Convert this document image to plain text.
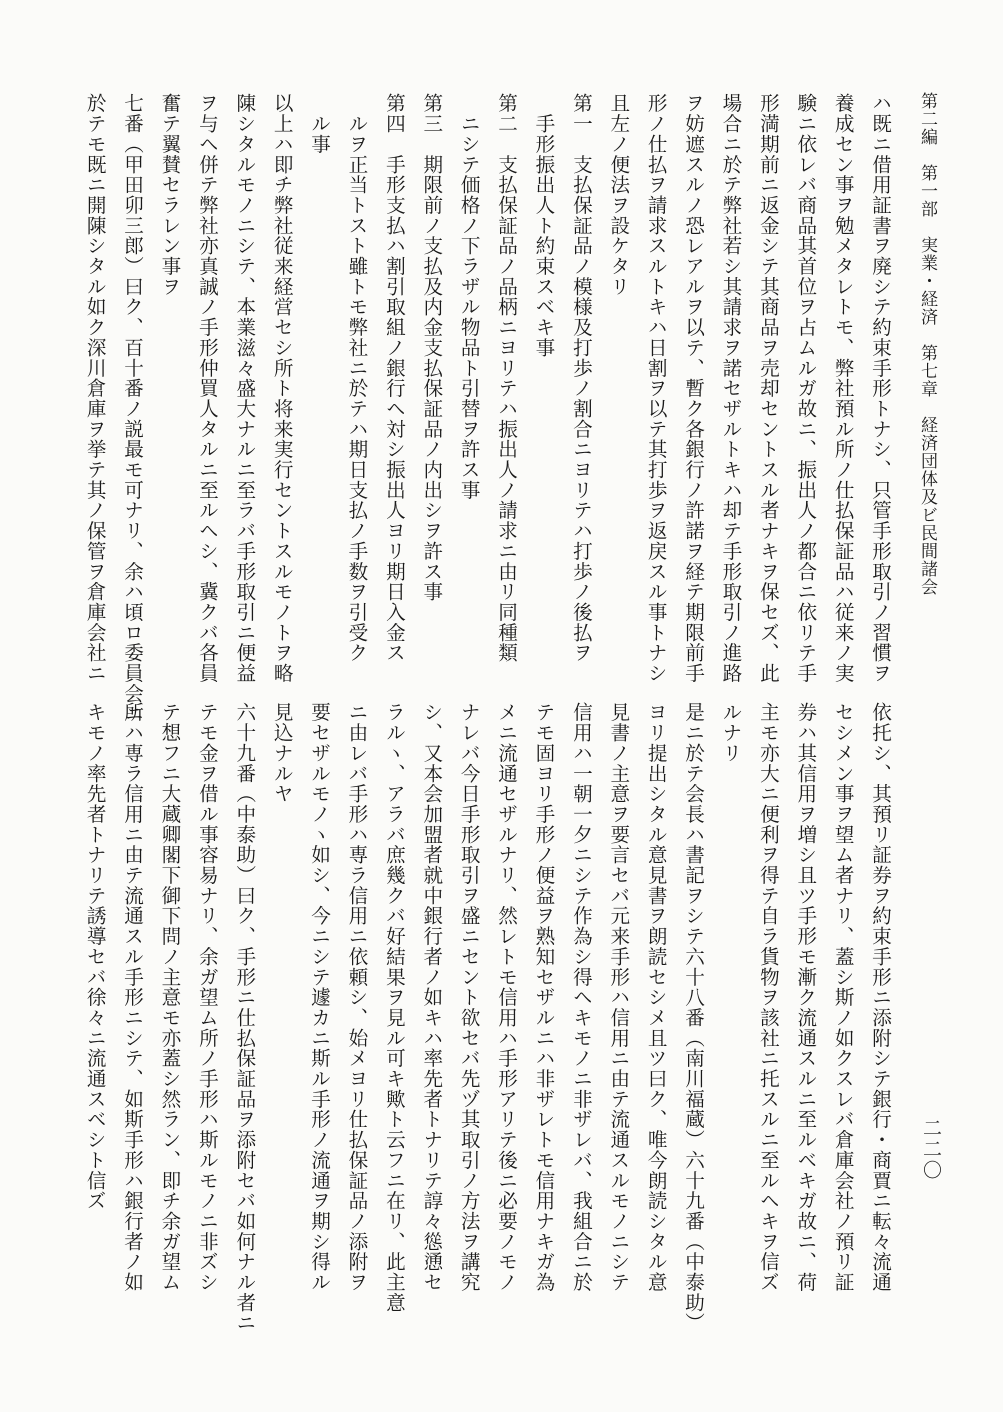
第二編　第一部　実業・経済　第七章　経済団体及ビ民間諸会
二二〇
ハ既ニ借用証書ヲ廃シテ約束手形トナシ、只管手形取引ノ習慣ヲ
養成セン事ヲ勉メタレトモ、弊社預ル所ノ仕払保証品ハ従来ノ実
験ニ依レバ商品其首位ヲ占ムルガ故ニ、振出人ノ都合ニ依リテ手
形満期前ニ返金シテ其商品ヲ売却セントスル者ナキヲ保セズ、此
場合ニ於テ弊社若シ其請求ヲ諾セザルトキハ却テ手形取引ノ進路
ヲ妨遮スルノ恐レアルヲ以テ、暫ク各銀行ノ許諾ヲ経テ期限前手
形ノ仕払ヲ請求スルトキハ日割ヲ以テ其打歩ヲ返戻スル事トナシ
且左ノ便法ヲ設ケタリ
第一　支払保証品ノ模様及打歩ノ割合ニヨリテハ打歩ノ後払ヲ
　手形振出人ト約束スベキ事
第二　支払保証品ノ品柄ニヨリテハ振出人ノ請求ニ由リ同種類
　ニシテ価格ノ下ラザル物品ト引替ヲ許ス事
第三　期限前ノ支払及内金支払保証品ノ内出シヲ許ス事
第四　手形支払ハ割引取組ノ銀行ヘ対シ振出人ヨリ期日入金ス
　ルヲ正当トスト雖トモ弊社ニ於テハ期日支払ノ手数ヲ引受ク
　ル事
以上ハ即チ弊社従来経営セシ所ト将来実行セントスルモノトヲ略
陳シタルモノニシテ、本業滋々盛大ナルニ至ラバ手形取引ニ便益
ヲ与ヘ併テ弊社亦真誠ノ手形仲買人タルニ至ルヘシ、冀クバ各員
奮テ翼賛セラレン事ヲ
七番（甲田卯三郎）曰ク、百十番ノ説最モ可ナリ、余ハ頃ロ委員会ニ
於テモ既ニ開陳シタル如ク深川倉庫ヲ挙テ其ノ保管ヲ倉庫会社ニ
依托シ、其預リ証券ヲ約束手形ニ添附シテ銀行・商賈ニ転々流通
セシメン事ヲ望ム者ナリ、蓋シ斯ノ如クスレバ倉庫会社ノ預リ証
券ハ其信用ヲ増シ且ツ手形モ漸ク流通スルニ至ルベキガ故ニ、荷
主モ亦大ニ便利ヲ得テ自ラ貨物ヲ該社ニ托スルニ至ルヘキヲ信ズ
ルナリ
是ニ於テ会長ハ書記ヲシテ六十八番（南川福蔵）六十九番（中泰助）
ヨリ提出シタル意見書ヲ朗読セシメ且ツ曰ク、唯今朗読シタル意
見書ノ主意ヲ要言セバ元来手形ハ信用ニ由テ流通スルモノニシテ
信用ハ一朝一夕ニシテ作為シ得ヘキモノニ非ザレバ、我組合ニ於
テモ固ヨリ手形ノ便益ヲ熟知セザルニハ非ザレトモ信用ナキガ為
メニ流通セザルナリ、然レトモ信用ハ手形アリテ後ニ必要ノモノ
ナレバ今日手形取引ヲ盛ニセント欲セバ先ヅ其取引ノ方法ヲ講究
シ、又本会加盟者就中銀行者ノ如キハ率先者トナリテ諄々慫慂セ
ラルヽ、アラバ庶幾クバ好結果ヲ見ル可キ歟ト云フニ在リ、此主意
ニ由レバ手形ハ専ラ信用ニ依頼シ、始メヨリ仕払保証品ノ添附ヲ
要セザルモノヽ如シ、今ニシテ遽カニ斯ル手形ノ流通ヲ期シ得ル
見込ナルヤ
六十九番（中泰助）曰ク、手形ニ仕払保証品ヲ添附セバ如何ナル者ニ
テモ金ヲ借ル事容易ナリ、余ガ望ム所ノ手形ハ斯ルモノニ非ズシ
テ想フニ大蔵卿閣下御下問ノ主意モ亦蓋シ然ラン、即チ余ガ望ム
所ハ専ラ信用ニ由テ流通スル手形ニシテ、如斯手形ハ銀行者ノ如
キモノ率先者トナリテ誘導セバ徐々ニ流通スベシト信ズ
